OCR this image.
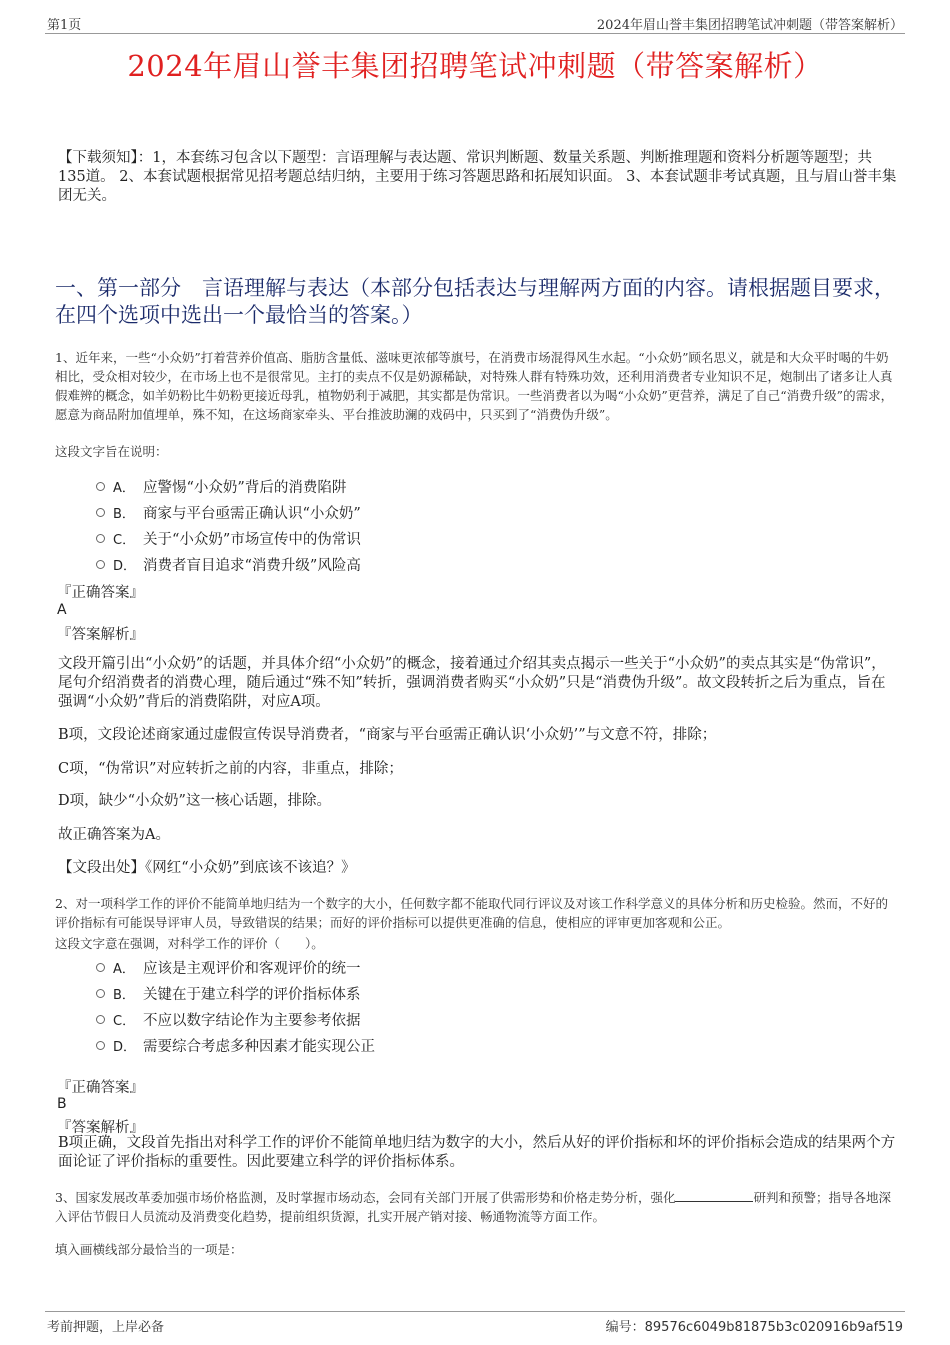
第1页	2024年眉山誉丰集团招聘笔试冲刺题（带答案解析）
2024年眉山誉丰集团招聘笔试冲刺题（带答案解析）
【下载须知】：1，本套练习包含以下题型：言语理解与表达题、常识判断题、数量关系题、判断推理题和资料分析题等题型；共135道。 2、本套试题根据常见招考题总结归纳，主要用于练习答题思路和拓展知识面。 3、本套试题非考试真题，且与眉山誉丰集团无关。
一、第一部分　言语理解与表达（本部分包括表达与理解两方面的内容。请根据题目要求，在四个选项中选出一个最恰当的答案。）
1、近年来，一些“小众奶”打着营养价值高、脂肪含量低、滋味更浓郁等旗号，在消费市场混得风生水起。“小众奶”顾名思义，就是和大众平时喝的牛奶相比，受众相对较少，在市场上也不是很常见。主打的卖点不仅是奶源稀缺，对特殊人群有特殊功效，还利用消费者专业知识不足，炮制出了诸多让人真假难辨的概念，如羊奶粉比牛奶粉更接近母乳，植物奶利于减肥，其实都是伪常识。一些消费者以为喝“小众奶”更营养，满足了自己“消费升级”的需求，愿意为商品附加值埋单，殊不知，在这场商家牵头、平台推波助澜的戏码中，只买到了“消费伪升级”。
这段文字旨在说明：
A． 应警惕“小众奶”背后的消费陷阱
B． 商家与平台亟需正确认识“小众奶”
C． 关于“小众奶”市场宣传中的伪常识
D． 消费者盲目追求“消费升级”风险高
『正确答案』
A
『答案解析』
文段开篇引出“小众奶”的话题，并具体介绍“小众奶”的概念，接着通过介绍其卖点揭示一些关于“小众奶”的卖点其实是“伪常识”，尾句介绍消费者的消费心理，随后通过“殊不知”转折，强调消费者购买“小众奶”只是“消费伪升级”。故文段转折之后为重点，旨在强调“小众奶”背后的消费陷阱，对应A项。
B项，文段论述商家通过虚假宣传误导消费者，“商家与平台亟需正确认识‘小众奶’”与文意不符，排除；
C项，“伪常识”对应转折之前的内容，非重点，排除；
D项，缺少“小众奶”这一核心话题，排除。
故正确答案为A。
【文段出处】《网红“小众奶”到底该不该追？》
2、对一项科学工作的评价不能简单地归结为一个数字的大小，任何数字都不能取代同行评议及对该工作科学意义的具体分析和历史检验。然而，不好的评价指标有可能误导评审人员，导致错误的结果；而好的评价指标可以提供更准确的信息，使相应的评审更加客观和公正。
这段文字意在强调，对科学工作的评价（　　）。
A． 应该是主观评价和客观评价的统一
B． 关键在于建立科学的评价指标体系
C． 不应以数字结论作为主要参考依据
D． 需要综合考虑多种因素才能实现公正
『正确答案』
B
『答案解析』
B项正确，文段首先指出对科学工作的评价不能简单地归结为数字的大小，然后从好的评价指标和坏的评价指标会造成的结果两个方面论证了评价指标的重要性。因此要建立科学的评价指标体系。
3、国家发展改革委加强市场价格监测，及时掌握市场动态，会同有关部门开展了供需形势和价格走势分析，强化	研判和预警；指导各地深入评估节假日人员流动及消费变化趋势，提前组织货源，扎实开展产销对接、畅通物流等方面工作。
填入画横线部分最恰当的一项是：
考前押题，上岸必备	编号：89576c6049b81875b3c020916b9af519
